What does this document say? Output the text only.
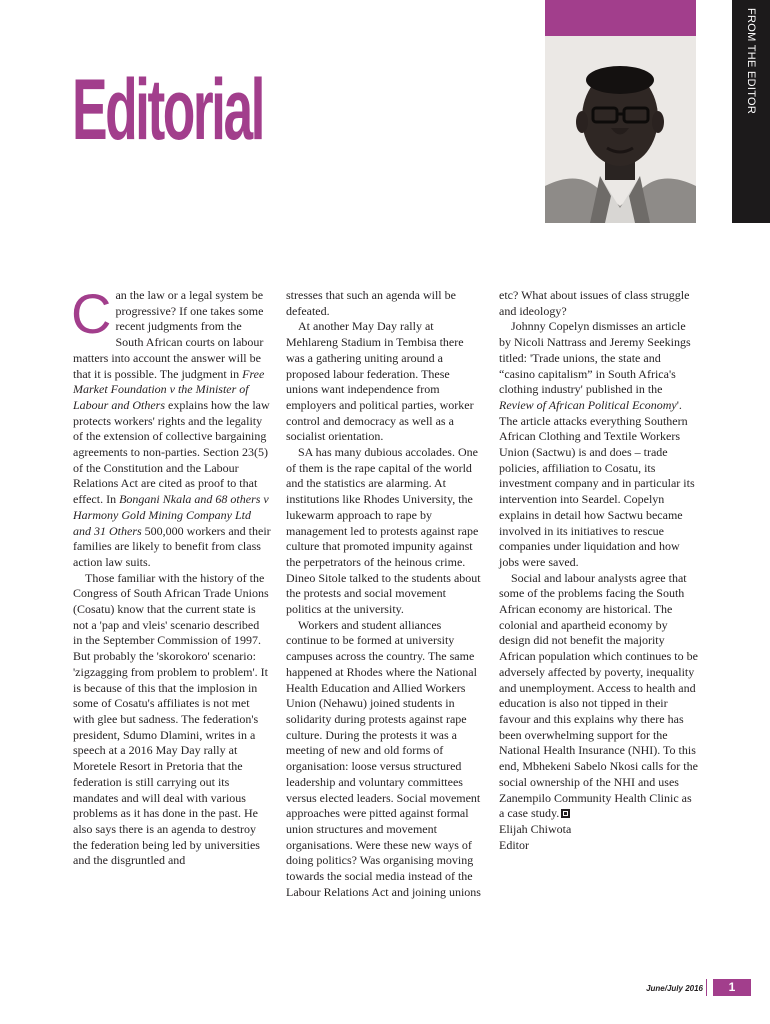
FROM THE EDITOR
Editorial

Can the law or a legal system be progressive? If one takes some recent judgments from the South African courts on labour matters into account the answer will be that it is possible. The judgment in Free Market Foundation v the Minister of Labour and Others explains how the law protects workers' rights and the legality of the extension of collective bargaining agreements to non-parties. Section 23(5) of the Constitution and the Labour Relations Act are cited as proof to that effect. In Bongani Nkala and 68 others v Harmony Gold Mining Company Ltd and 31 Others 500,000 workers and their families are likely to benefit from class action law suits.

Those familiar with the history of the Congress of South African Trade Unions (Cosatu) know that the current state is not a 'pap and vleis' scenario described in the September Commission of 1997. But probably the 'skorokoro' scenario: 'zigzagging from problem to problem'. It is because of this that the implosion in some of Cosatu's affiliates is not met with glee but sadness. The federation's president, Sdumo Dlamini, writes in a speech at a 2016 May Day rally at Moretele Resort in Pretoria that the federation is still carrying out its mandates and will deal with various problems as it has done in the past. He also says there is an agenda to destroy the federation being led by universities and the disgruntled and

stresses that such an agenda will be defeated.

At another May Day rally at Mehlareng Stadium in Tembisa there was a gathering uniting around a proposed labour federation. These unions want independence from employers and political parties, worker control and democracy as well as a socialist orientation.

SA has many dubious accolades. One of them is the rape capital of the world and the statistics are alarming. At institutions like Rhodes University, the lukewarm approach to rape by management led to protests against rape culture that promoted impunity against the perpetrators of the heinous crime. Dineo Sitole talked to the students about the protests and social movement politics at the university.

Workers and student alliances continue to be formed at university campuses across the country. The same happened at Rhodes where the National Health Education and Allied Workers Union (Nehawu) joined students in solidarity during protests against rape culture. During the protests it was a meeting of new and old forms of organisation: loose versus structured leadership and voluntary committees versus elected leaders. Social movement approaches were pitted against formal union structures and movement organisations. Were these new ways of doing politics? Was organising moving towards the social media instead of the Labour Relations Act and joining unions

etc? What about issues of class struggle and ideology?

Johnny Copelyn dismisses an article by Nicoli Nattrass and Jeremy Seekings titled: 'Trade unions, the state and “casino capitalism” in South Africa's clothing industry' published in the Review of African Political Economy'. The article attacks everything Southern African Clothing and Textile Workers Union (Sactwu) is and does – trade policies, affiliation to Cosatu, its investment company and in particular its intervention into Seardel. Copelyn explains in detail how Sactwu became involved in its initiatives to rescue companies under liquidation and how jobs were saved.

Social and labour analysts agree that some of the problems facing the South African economy are historical. The colonial and apartheid economy by design did not benefit the majority African population which continues to be adversely affected by poverty, inequality and unemployment. Access to health and education is also not tipped in their favour and this explains why there has been overwhelming support for the National Health Insurance (NHI). To this end, Mbhekeni Sabelo Nkosi calls for the social ownership of the NHI and uses Zanempilo Community Health Clinic as a case study.

Elijah Chiwota

Editor

June/July 2016	1
